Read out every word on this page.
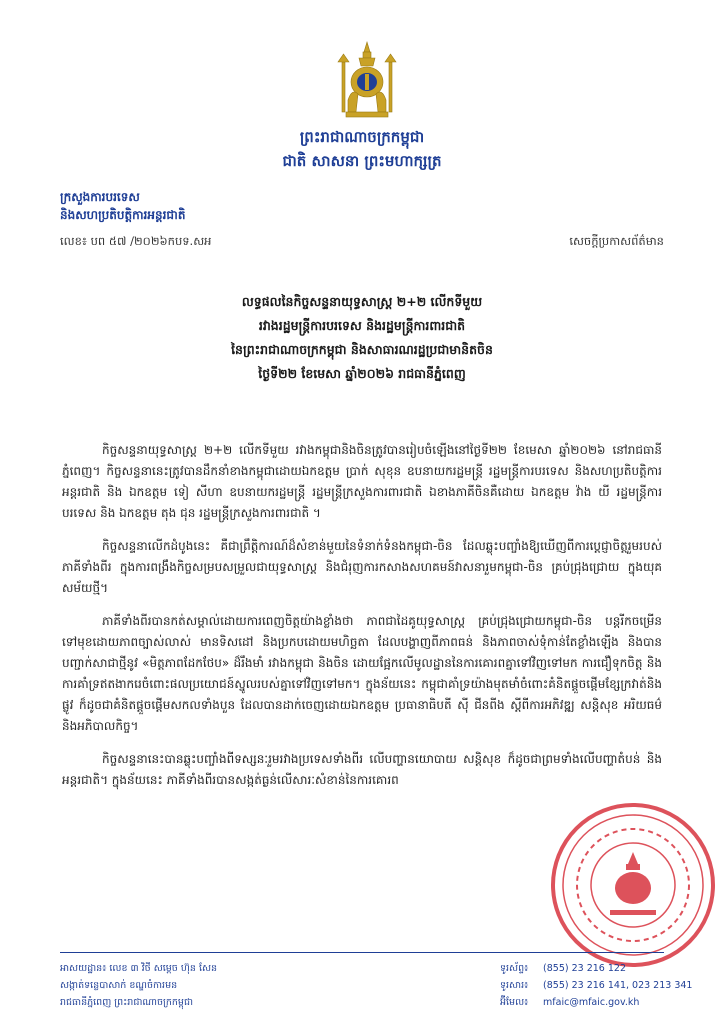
ព្រះរាជាណាចក្រកម្ពុជា
ជាតិ សាសនា ព្រះមហាក្សត្រ
ក្រសួងការបរទេស
និងសហប្រតិបត្តិការអន្តរជាតិ
លេខ៖ បព ៥៧ /២០២៦កបទ.សអ	សេចក្តីប្រកាសព័ត៌មាន
លទ្ធផលនៃកិច្ចសន្ទនាយុទ្ធសាស្ត្រ ២+២ លើកទីមួយ
រវាងរដ្ឋមន្ត្រីការបរទេស និងរដ្ឋមន្ត្រីការពារជាតិ
នៃព្រះរាជាណាចក្រកម្ពុជា និងសាធារណរដ្ឋប្រជាមានិតចិន
ថ្ងៃទី២២ ខែមេសា ឆ្នាំ២០២៦ រាជធានីភ្នំពេញ

កិច្ចសន្ទនាយុទ្ធសាស្ត្រ ២+២ លើកទីមួយ រវាងកម្ពុជានិងចិនត្រូវបានរៀបចំឡើងនៅថ្ងៃទី២២ ខែមេសា ឆ្នាំ២០២៦ នៅរាជធានីភ្នំពេញ។ កិច្ចសន្ទនានេះត្រូវបានដឹកនាំខាងកម្ពុជាដោយឯកឧត្តម ប្រាក់ សុខុន ឧបនាយករដ្ឋមន្ត្រី រដ្ឋមន្ត្រីការបរទេស និងសហប្រតិបត្តិការអន្តរជាតិ និង ឯកឧត្តម ទៀ សីហា ឧបនាយករដ្ឋមន្ត្រី រដ្ឋមន្ត្រីក្រសួងការពារជាតិ ឯខាងភាគីចិនគឺដោយ ឯកឧត្តម វ៉ាង យី រដ្ឋមន្ត្រីការបរទេស និង ឯកឧត្តម តុង ជុន រដ្ឋមន្ត្រីក្រសួងការពារជាតិ ។

កិច្ចសន្ទនាលើកដំបូងនេះ គឺជាព្រឹត្តិការណ៍ដ៏សំខាន់មួយនៃទំនាក់ទំនងកម្ពុជា-ចិន ដែលឆ្លុះបញ្ចាំងឱ្យឃើញពីការប្តេជ្ញាចិត្តរួមរបស់ភាគីទាំងពីរ ក្នុងការពង្រឹងកិច្ចសម្របសម្រួលជាយុទ្ធសាស្ត្រ និងជំរុញការកសាងសហគមន៍វាសនារួមកម្ពុជា-ចិន គ្រប់ជ្រុងជ្រោយ ក្នុងយុគសម័យថ្មី។

ភាគីទាំងពីរបានកត់សម្គាល់ដោយការពេញចិត្តយ៉ាងខ្លាំងថា ភាពជាដៃគូយុទ្ធសាស្ត្រ គ្រប់ជ្រុងជ្រោយកម្ពុជា-ចិន បន្តរីកចម្រើនទៅមុខដោយភាពច្បាស់លាស់ មានទិសដៅ និងប្រកបដោយមហិច្ឆតា ដែលបង្ហាញពីភាពធន់ និងភាពចាស់ទុំកាន់តែខ្លាំងឡើង និងបានបញ្ជាក់សាជាថ្មីនូវ «មិត្តភាពដែកថែប» ដ៏រឹងមាំ រវាងកម្ពុជា និងចិន ដោយផ្អែកលើមូលដ្ឋាននៃការគោរពគ្នាទៅវិញទៅមក ការជឿទុកចិត្ត និងការគាំទ្រឥតងាករេចំពោះផលប្រយោជន៍ស្នូលរបស់គ្នាទៅវិញទៅមក។ ក្នុងន័យនេះ កម្ពុជាគាំទ្រយ៉ាងមុតមាំចំពោះគំនិតផ្តួចផ្តើមខ្សែក្រវាត់និងផ្លូវ ក៏ដូចជាគំនិតផ្តួចផ្តើមសកលទាំងបួន ដែលបានដាក់ចេញដោយឯកឧត្តម ប្រធានាធិបតី ស៊ី ជីនពីង ស្តីពីការអភិវឌ្ឍ សន្តិសុខ អរិយធម៌និងអភិបាលកិច្ច។

កិច្ចសន្ទនានេះបានឆ្លុះបញ្ចាំងពីទស្សនៈរួមរវាងប្រទេសទាំងពីរ លើបញ្ហានយោបាយ សន្តិសុខ ក៏ដូចជាព្រមទាំងលើបញ្ហាតំបន់ និងអន្តរជាតិ។ ក្នុងន័យនេះ ភាគីទាំងពីរបានសង្កត់ធ្ងន់លើសារៈសំខាន់នៃការគោរព

អាសយដ្ឋាន៖ លេខ ៣ វិថី សម្តេច ហ៊ុន សែន
សង្កាត់ទន្លេបាសាក់ ខណ្ឌចំការមន
រាជធានីភ្នំពេញ ព្រះរាជាណាចក្រកម្ពុជា
ទូរស័ព្ទ៖ (855) 23 216 122
ទូរសារ៖ (855) 23 216 141, 023 213 341
អ៊ីមែល៖ mfaic@mfaic.gov.kh
